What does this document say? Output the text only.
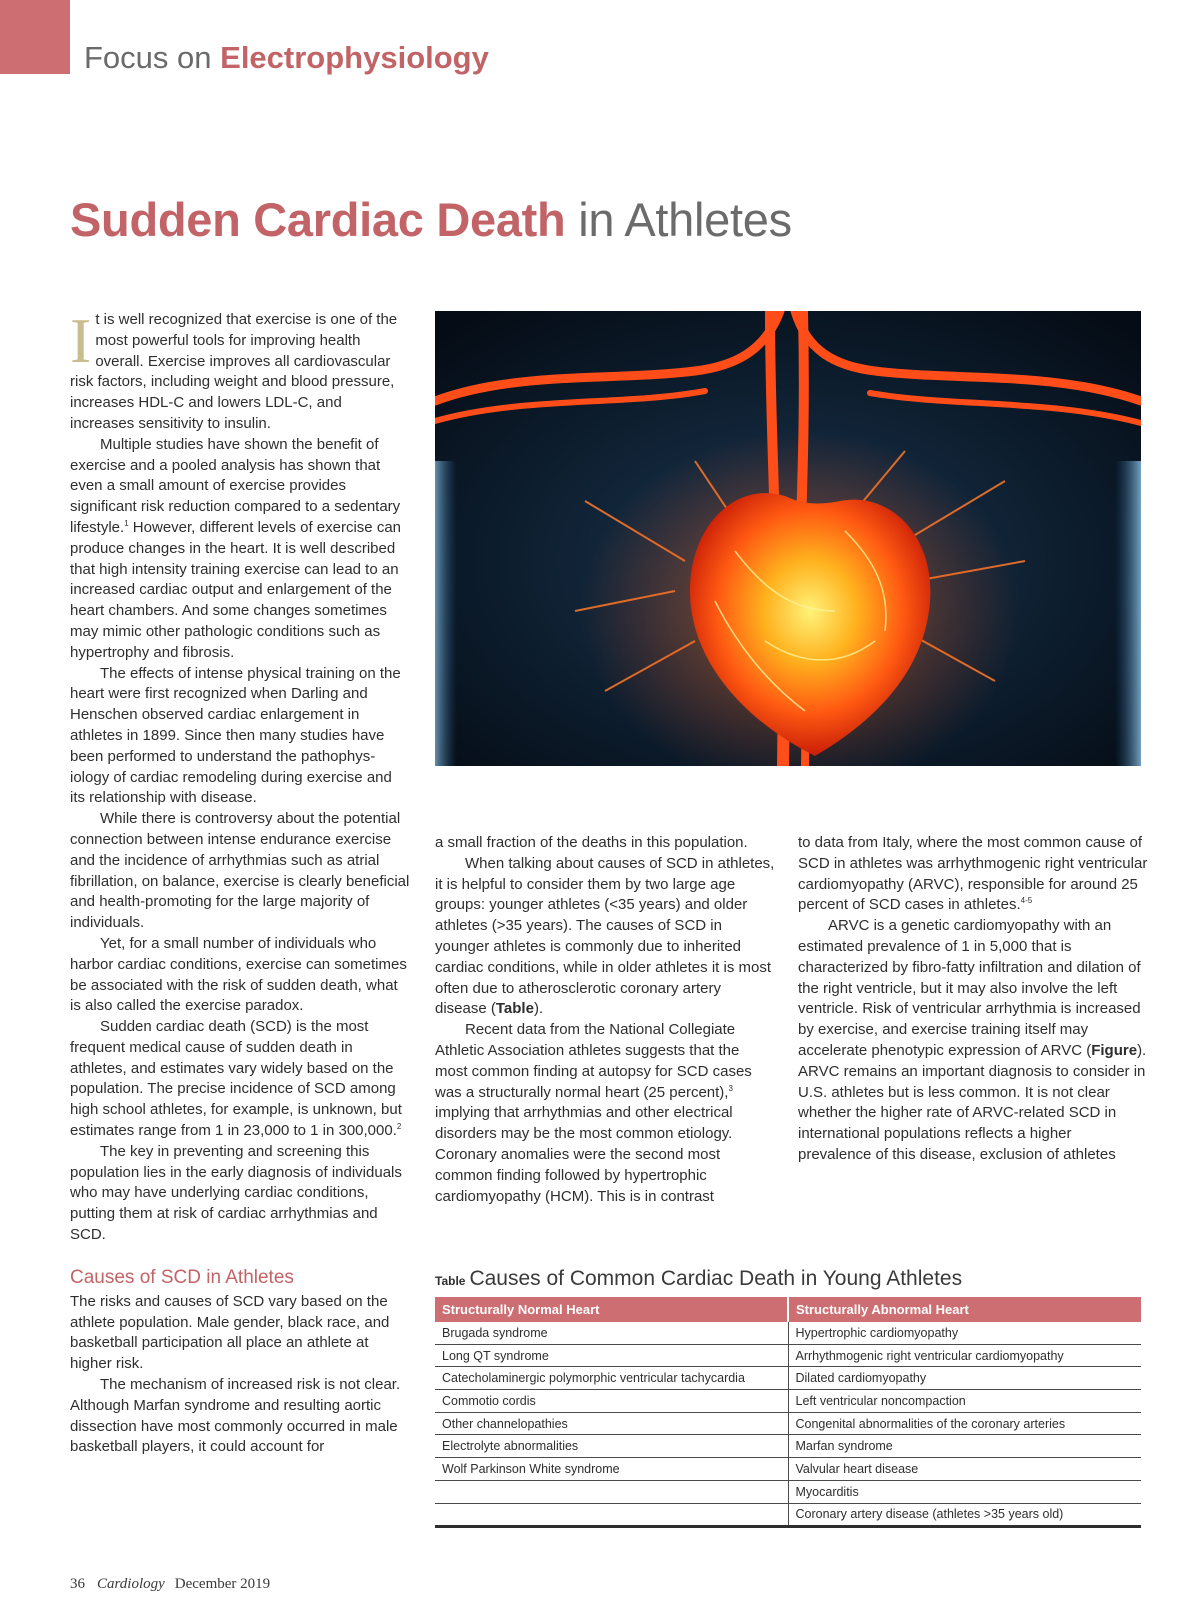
Focus on Electrophysiology
Sudden Cardiac Death in Athletes

It is well recognized that exercise is one of the most powerful tools for improving health overall. Exercise improves all cardiovascular risk factors, including weight and blood pressure, increases HDL-C and lowers LDL-C, and increases sensitivity to insulin.

Multiple studies have shown the benefit of exercise and a pooled analysis has shown that even a small amount of exercise provides significant risk reduction compared to a sedentary lifestyle.$^1$ However, different levels of exercise can produce changes in the heart. It is well described that high intensity training exercise can lead to an increased cardiac output and enlargement of the heart chambers. And some changes sometimes may mimic other pathologic conditions such as hypertrophy and fibrosis.

The effects of intense physical training on the heart were first recognized when Darling and Henschen observed cardiac enlargement in athletes in 1899. Since then many studies have been performed to understand the pathophys-iology of cardiac remodeling during exercise and its relationship with disease.

While there is controversy about the potential connection between intense endurance exercise and the incidence of arrhythmias such as atrial fibrillation, on balance, exercise is clearly beneficial and health-promoting for the large majority of individuals.

Yet, for a small number of individuals who harbor cardiac conditions, exercise can sometimes be associated with the risk of sudden death, what is also called the exercise paradox.

Sudden cardiac death (SCD) is the most frequent medical cause of sudden death in athletes, and estimates vary widely based on the population. The precise incidence of SCD among high school athletes, for example, is unknown, but estimates range from 1 in 23,000 to 1 in 300,000.$^2$

The key in preventing and screening this population lies in the early diagnosis of individuals who may have underlying cardiac conditions, putting them at risk of cardiac arrhythmias and SCD.

Causes of SCD in Athletes

The risks and causes of SCD vary based on the athlete population. Male gender, black race, and basketball participation all place an athlete at higher risk.

The mechanism of increased risk is not clear. Although Marfan syndrome and resulting aortic dissection have most commonly occurred in male basketball players, it could account for

a small fraction of the deaths in this population.

When talking about causes of SCD in athletes, it is helpful to consider them by two large age groups: younger athletes (<35 years) and older athletes (>35 years). The causes of SCD in younger athletes is commonly due to inherited cardiac conditions, while in older athletes it is most often due to atherosclerotic coronary artery disease (Table).

Recent data from the National Collegiate Athletic Association athletes suggests that the most common finding at autopsy for SCD cases was a structurally normal heart (25 percent),$^3$ implying that arrhythmias and other electrical disorders may be the most common etiology. Coronary anomalies were the second most common finding followed by hypertrophic cardiomyopathy (HCM). This is in contrast

to data from Italy, where the most common cause of SCD in athletes was arrhythmogenic right ventricular cardiomyopathy (ARVC), responsible for around 25 percent of SCD cases in athletes.$^{4-5}$

ARVC is a genetic cardiomyopathy with an estimated prevalence of 1 in 5,000 that is characterized by fibro-fatty infiltration and dilation of the right ventricle, but it may also involve the left ventricle. Risk of ventricular arrhythmia is increased by exercise, and exercise training itself may accelerate phenotypic expression of ARVC (Figure). ARVC remains an important diagnosis to consider in U.S. athletes but is less common. It is not clear whether the higher rate of ARVC-related SCD in international populations reflects a higher prevalence of this disease, exclusion of athletes

Table Causes of Common Cardiac Death in Young Athletes
Structurally Normal Heart	Structurally Abnormal Heart
Brugada syndrome	Hypertrophic cardiomyopathy
Long QT syndrome	Arrhythmogenic right ventricular cardiomyopathy
Catecholaminergic polymorphic ventricular tachycardia	Dilated cardiomyopathy
Commotio cordis	Left ventricular noncompaction
Other channelopathies	Congenital abnormalities of the coronary arteries
Electrolyte abnormalities	Marfan syndrome
Wolf Parkinson White syndrome	Valvular heart disease
	Myocarditis
	Coronary artery disease (athletes >35 years old)
36 Cardiology December 2019
